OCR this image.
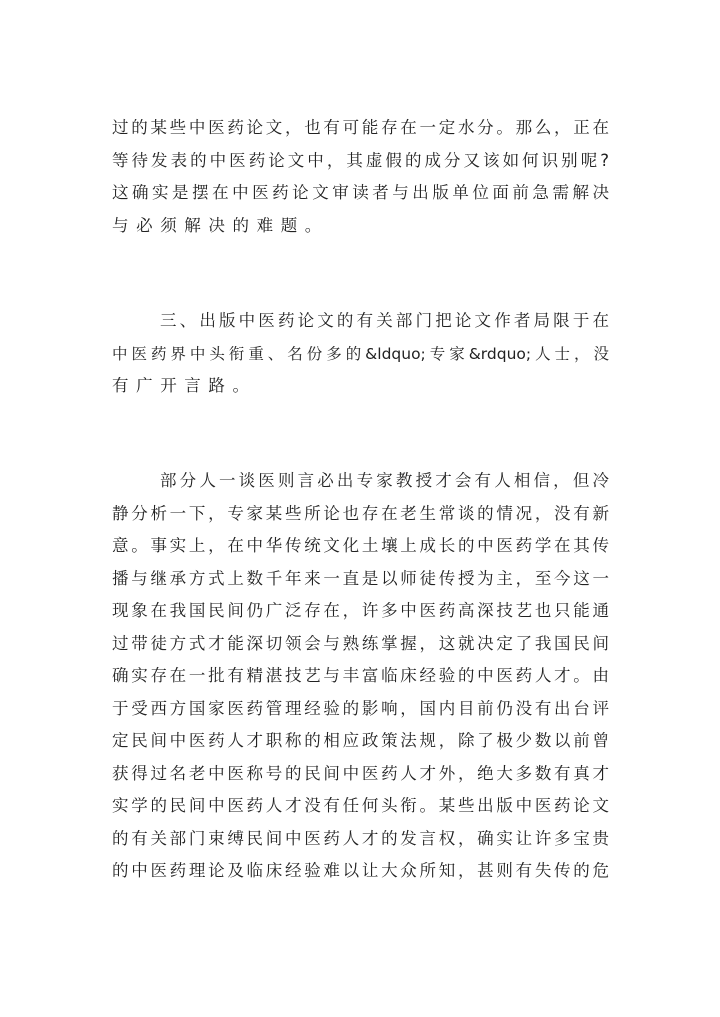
过的某些中医药论文，也有可能存在一定水分。那么，正在
等待发表的中医药论文中，其虚假的成分又该如何识别呢?
这确实是摆在中医药论文审读者与出版单位面前急需解决
与必须解决的难题。
三、出版中医药论文的有关部门把论文作者局限于在
中医药界中头衔重、名份多的&ldquo;专家&rdquo;人士，没
有广开言路。
部分人一谈医则言必出专家教授才会有人相信，但冷
静分析一下，专家某些所论也存在老生常谈的情况，没有新
意。事实上，在中华传统文化土壤上成长的中医药学在其传
播与继承方式上数千年来一直是以师徒传授为主，至今这一
现象在我国民间仍广泛存在，许多中医药高深技艺也只能通
过带徒方式才能深切领会与熟练掌握，这就决定了我国民间
确实存在一批有精湛技艺与丰富临床经验的中医药人才。由
于受西方国家医药管理经验的影响，国内目前仍没有出台评
定民间中医药人才职称的相应政策法规，除了极少数以前曾
获得过名老中医称号的民间中医药人才外，绝大多数有真才
实学的民间中医药人才没有任何头衔。某些出版中医药论文
的有关部门束缚民间中医药人才的发言权，确实让许多宝贵
的中医药理论及临床经验难以让大众所知，甚则有失传的危
